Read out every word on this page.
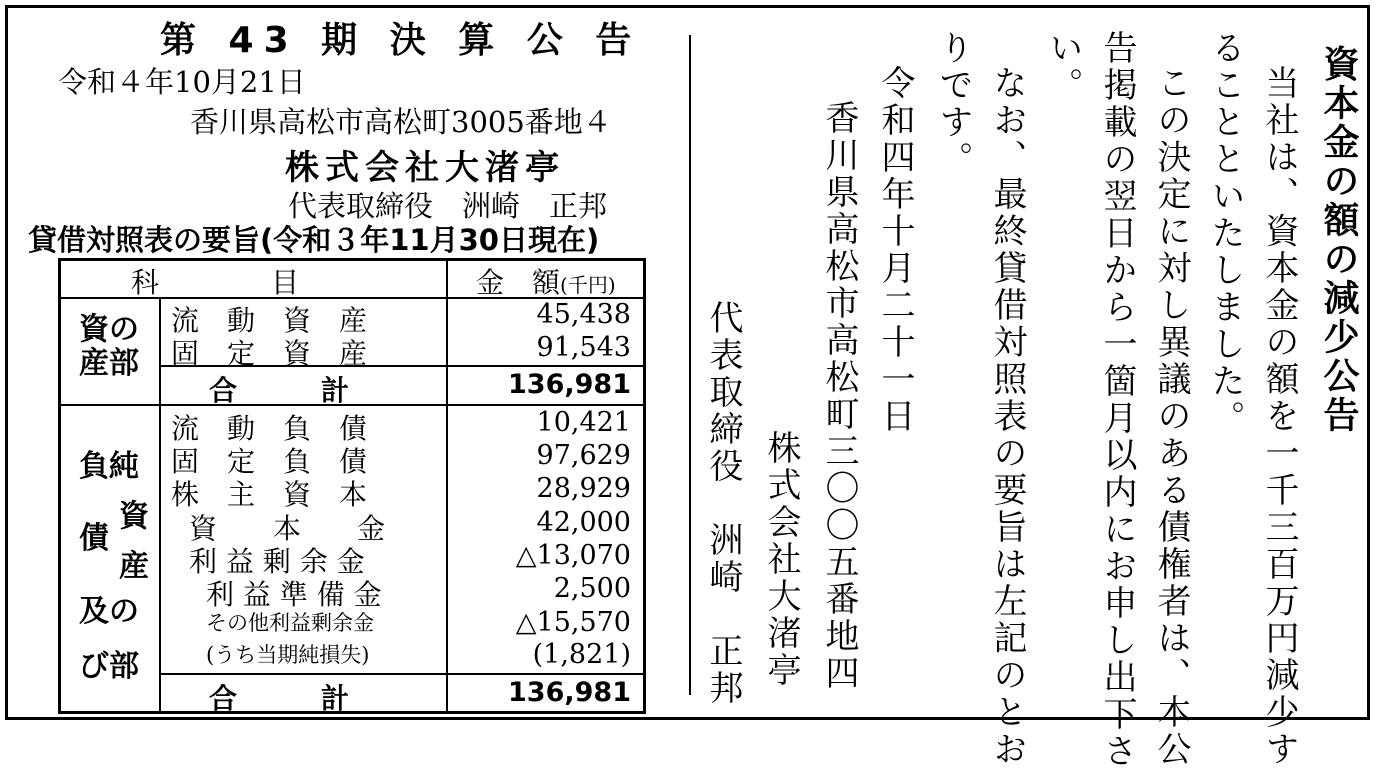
第 43 期 決 算 公 告
令和４年10月21日
香川県高松市高松町3005番地４
株式会社大渚亭
代表取締役　洲崎　正邦
貸借対照表の要旨(令和３年11月30日現在)
科　　　　目	金　額(千円)
資の
産部
負純
資
債
産
及の
び部
流　動　資　産
固　定　資　産
合　　　計
流　動　負　債
固　定　負　債
株　主　資　本
資　　本　　金
利 益 剰 余 金
利 益 準 備 金
その他利益剰余金
(うち当期純損失)
合　　　計
45,438
91,543
136,981
10,421
97,629
28,929
42,000
△13,070
2,500
△15,570
(1,821)
136,981
資本金の額の減少公告
当社は、資本金の額を一千三百万円減少す
ることといたしました。
この決定に対し異議のある債権者は、本公
告掲載の翌日から一箇月以内にお申し出下さ
い。
なお、最終貸借対照表の要旨は左記のとお
りです。
令和四年十月二十一日
香川県高松市高松町三〇〇五番地四
株式会社大渚亭
代表取締役　洲崎　正邦
